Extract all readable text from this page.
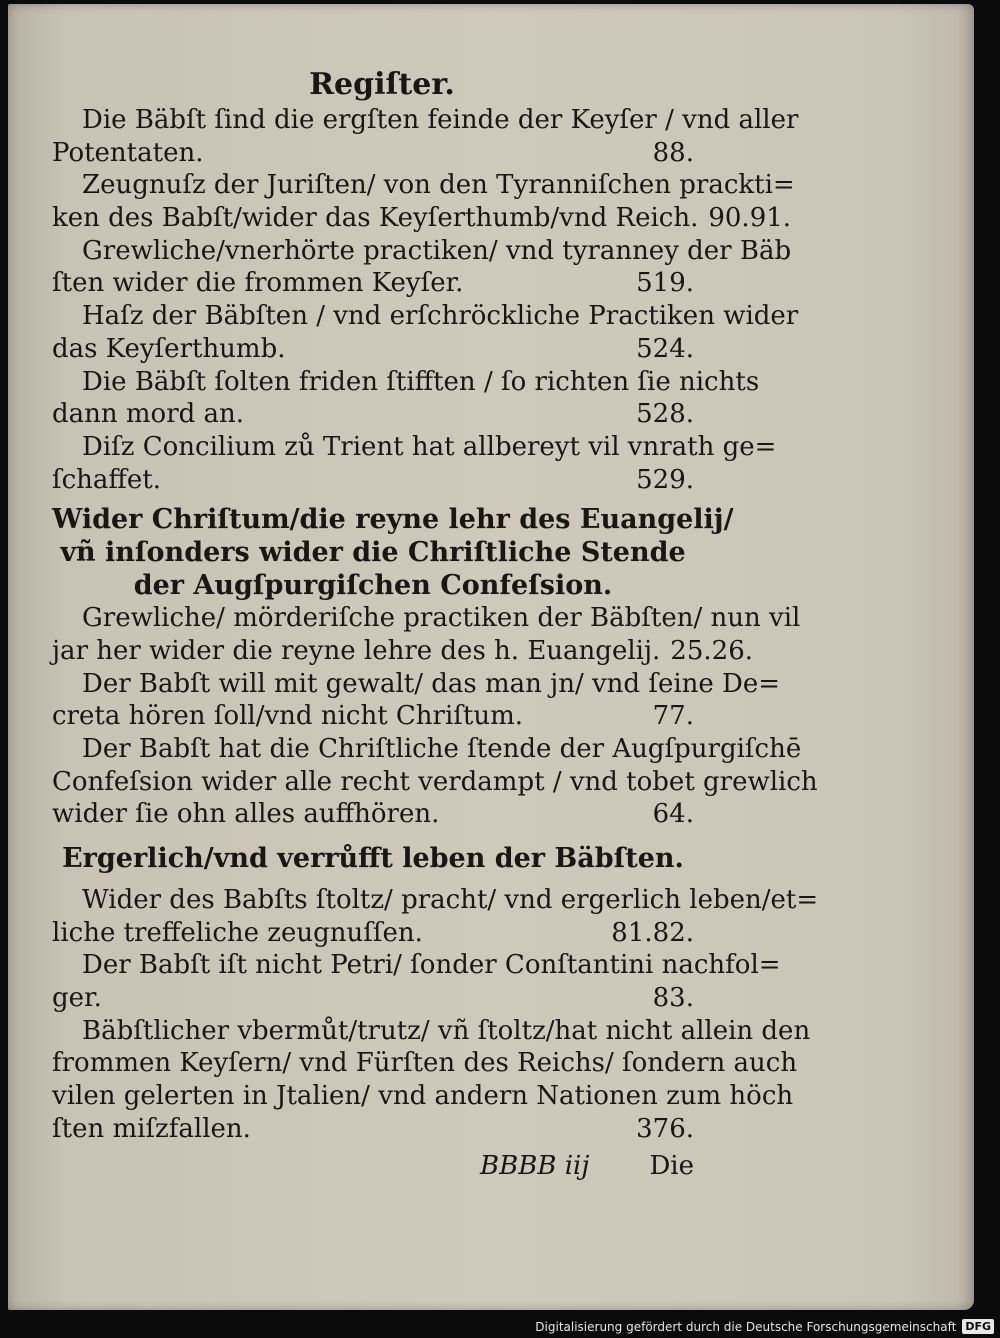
Regiſter.
Die Bäbſt ſind die ergſten feinde der Keyſer / vnd aller
Potentaten.	88.
Zeugnuſz der Juriſten/ von den Tyranniſchen prackti=
ken des Babſt/wider das Keyſerthumb/vnd Reich. 90.91.
Grewliche/vnerhörte practiken/ vnd tyranney der Bäb
ſten wider die frommen Keyſer.	519.
Haſz der Bäbſten / vnd erſchröckliche Practiken wider
das Keyſerthumb.	524.
Die Bäbſt ſolten friden ſtifften / ſo richten ſie nichts
dann mord an.	528.
Diſz Concilium zů Trient hat allbereyt vil vnrath ge=
ſchaffet.	529.
Wider Chriſtum/die reyne lehr des Euangelij/
vñ inſonders wider die Chriſtliche Stende
der Augſpurgiſchen Confeſsion.
Grewliche/ mörderiſche practiken der Bäbſten/ nun vil
jar her wider die reyne lehre des h. Euangelij. 25.26.
Der Babſt will mit gewalt/ das man jn/ vnd ſeine De=
creta hören ſoll/vnd nicht Chriſtum.	77.
Der Babſt hat die Chriſtliche ſtende der Augſpurgiſchē
Confeſsion wider alle recht verdampt / vnd tobet grewlich
wider ſie ohn alles auffhören.	64.
Ergerlich/vnd verrůfft leben der Bäbſten.
Wider des Babſts ſtoltz/ pracht/ vnd ergerlich leben/et=
liche treffeliche zeugnuſſen.	81.82.
Der Babſt iſt nicht Petri/ ſonder Conſtantini nachfol=
ger.	83.
Bäbſtlicher vbermůt/trutz/ vñ ſtoltz/hat nicht allein den
frommen Keyſern/ vnd Fürſten des Reichs/ ſondern auch
vilen gelerten in Jtalien/ vnd andern Nationen zum höch
ſten miſzfallen.	376.
BBBB iij Die
Digitalisierung gefördert durch die Deutsche Forschungsgemeinschaft DFG
